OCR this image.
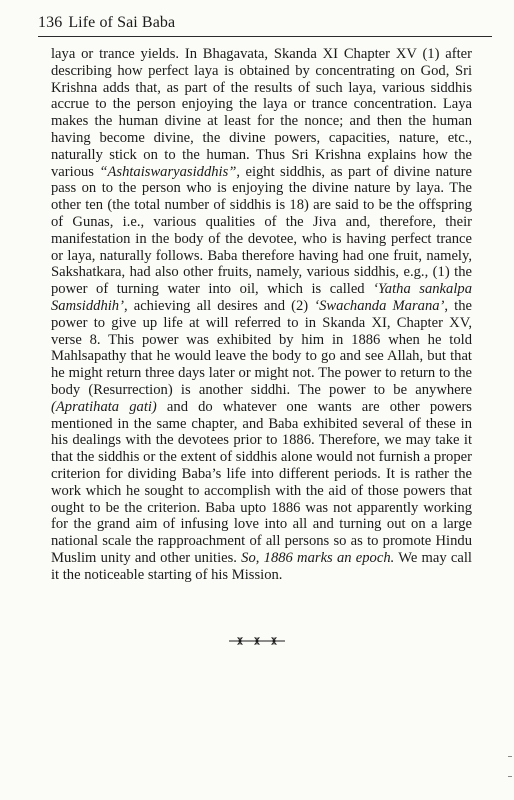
136 Life of Sai Baba

laya or trance yields. In Bhagavata, Skanda XI Chapter XV (1) after describing how perfect laya is obtained by concentrating on God, Sri Krishna adds that, as part of the results of such laya, various siddhis accrue to the person enjoying the laya or trance concentration. Laya makes the human divine at least for the nonce; and then the human having become divine, the divine powers, capacities, nature, etc., naturally stick on to the human. Thus Sri Krishna explains how the various “Ashtaiswaryasiddhis”, eight siddhis, as part of divine nature pass on to the person who is enjoying the divine nature by laya. The other ten (the total number of siddhis is 18) are said to be the offspring of Gunas, i.e., various qualities of the Jiva and, therefore, their manifestation in the body of the devotee, who is having perfect trance or laya, naturally follows. Baba therefore having had one fruit, namely, Sakshatkara, had also other fruits, namely, various siddhis, e.g., (1) the power of turning water into oil, which is called ‘Yatha sankalpa Samsiddhih’, achieving all desires and (2) ‘Swachanda Marana’, the power to give up life at will referred to in Skanda XI, Chapter XV, verse 8. This power was exhibited by him in 1886 when he told Mahlsapathy that he would leave the body to go and see Allah, but that he might return three days later or might not. The power to return to the body (Resurrection) is another siddhi. The power to be anywhere (Apratihata gati) and do whatever one wants are other powers mentioned in the same chapter, and Baba exhibited several of these in his dealings with the devotees prior to 1886. Therefore, we may take it that the siddhis or the extent of siddhis alone would not furnish a proper criterion for dividing Baba’s life into different periods. It is rather the work which he sought to accomplish with the aid of those powers that ought to be the criterion. Baba upto 1886 was not apparently working for the grand aim of infusing love into all and turning out on a large national scale the rapproachment of all persons so as to promote Hindu Muslim unity and other unities. So, 1886 marks an epoch. We may call it the noticeable starting of his Mission.
